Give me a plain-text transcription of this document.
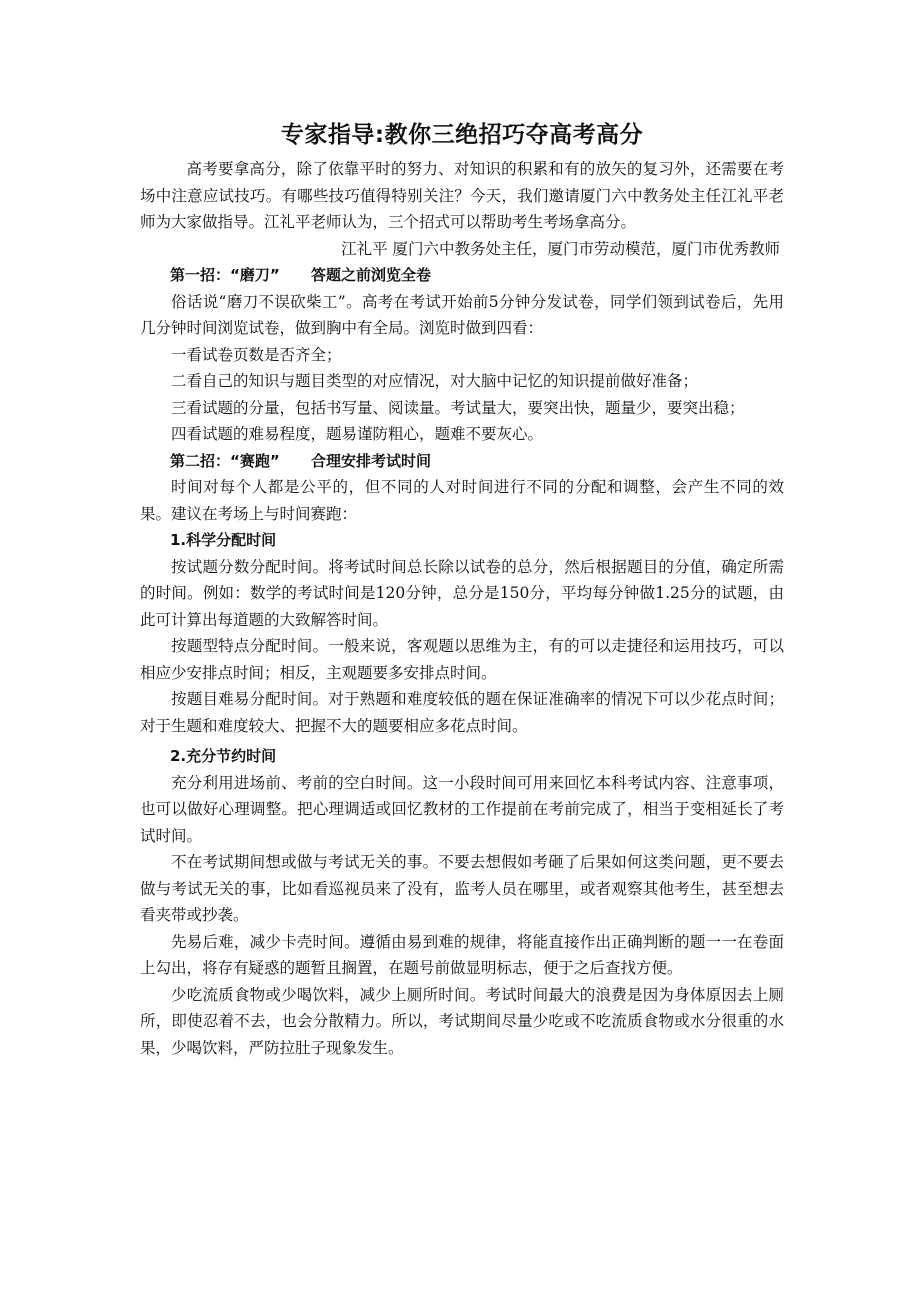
专家指导:教你三绝招巧夺高考高分

高考要拿高分，除了依靠平时的努力、对知识的积累和有的放矢的复习外，还需要在考场中注意应试技巧。有哪些技巧值得特别关注？今天，我们邀请厦门六中教务处主任江礼平老师为大家做指导。江礼平老师认为，三个招式可以帮助考生考场拿高分。

江礼平 厦门六中教务处主任，厦门市劳动模范，厦门市优秀教师

第一招：“磨刀”      答题之前浏览全卷

俗话说“磨刀不误砍柴工”。高考在考试开始前5分钟分发试卷，同学们领到试卷后，先用几分钟时间浏览试卷，做到胸中有全局。浏览时做到四看：

一看试卷页数是否齐全；

二看自己的知识与题目类型的对应情况，对大脑中记忆的知识提前做好准备；

三看试题的分量，包括书写量、阅读量。考试量大，要突出快，题量少，要突出稳；

四看试题的难易程度，题易谨防粗心，题难不要灰心。

第二招：“赛跑”      合理安排考试时间

时间对每个人都是公平的，但不同的人对时间进行不同的分配和调整，会产生不同的效果。建议在考场上与时间赛跑：

1.科学分配时间

按试题分数分配时间。将考试时间总长除以试卷的总分，然后根据题目的分值，确定所需的时间。例如：数学的考试时间是120分钟，总分是150分，平均每分钟做1.25分的试题，由此可计算出每道题的大致解答时间。

按题型特点分配时间。一般来说，客观题以思维为主，有的可以走捷径和运用技巧，可以相应少安排点时间；相反，主观题要多安排点时间。

按题目难易分配时间。对于熟题和难度较低的题在保证准确率的情况下可以少花点时间；对于生题和难度较大、把握不大的题要相应多花点时间。

2.充分节约时间

充分利用进场前、考前的空白时间。这一小段时间可用来回忆本科考试内容、注意事项，也可以做好心理调整。把心理调适或回忆教材的工作提前在考前完成了，相当于变相延长了考试时间。

不在考试期间想或做与考试无关的事。不要去想假如考砸了后果如何这类问题，更不要去做与考试无关的事，比如看巡视员来了没有，监考人员在哪里，或者观察其他考生，甚至想去看夹带或抄袭。

先易后难，减少卡壳时间。遵循由易到难的规律，将能直接作出正确判断的题一一在卷面上勾出，将存有疑惑的题暂且搁置，在题号前做显明标志，便于之后查找方便。

少吃流质食物或少喝饮料，减少上厕所时间。考试时间最大的浪费是因为身体原因去上厕所，即使忍着不去，也会分散精力。所以，考试期间尽量少吃或不吃流质食物或水分很重的水果，少喝饮料，严防拉肚子现象发生。
